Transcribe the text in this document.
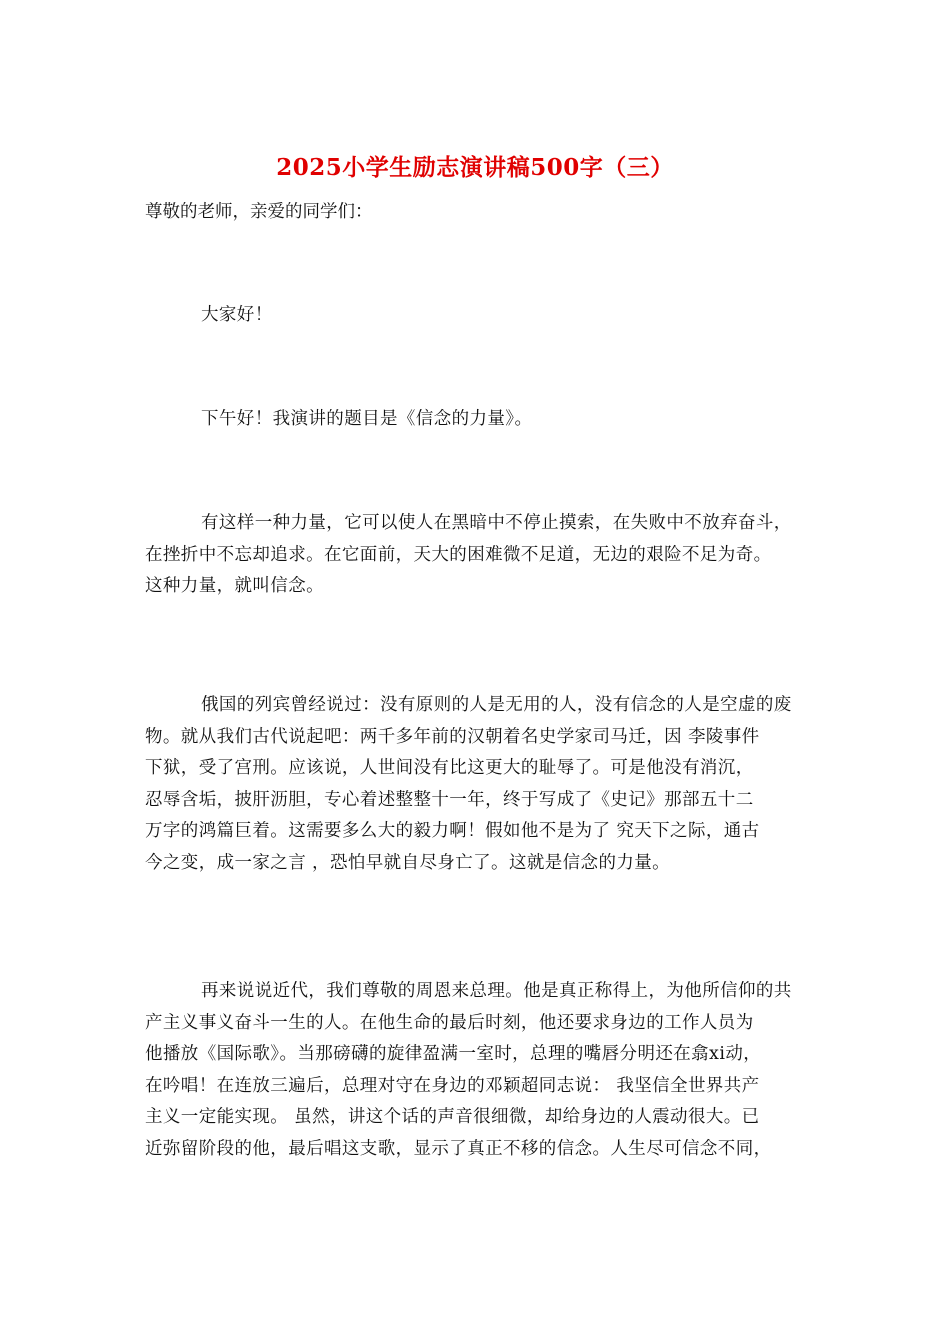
2025小学生励志演讲稿500字（三）
尊敬的老师，亲爱的同学们：
大家好！
下午好！我演讲的题目是《信念的力量》。
有这样一种力量，它可以使人在黑暗中不停止摸索，在失败中不放弃奋斗，
在挫折中不忘却追求。在它面前，天大的困难微不足道，无边的艰险不足为奇。
这种力量，就叫信念。
俄国的列宾曾经说过：没有原则的人是无用的人，没有信念的人是空虚的废
物。就从我们古代说起吧：两千多年前的汉朝着名史学家司马迁，因 李陵事件
下狱，受了宫刑。应该说，人世间没有比这更大的耻辱了。可是他没有消沉，
忍辱含垢，披肝沥胆，专心着述整整十一年，终于写成了《史记》那部五十二
万字的鸿篇巨着。这需要多么大的毅力啊！假如他不是为了 究天下之际，通古
今之变，成一家之言 ，恐怕早就自尽身亡了。这就是信念的力量。
再来说说近代，我们尊敬的周恩来总理。他是真正称得上，为他所信仰的共
产主义事义奋斗一生的人。在他生命的最后时刻，他还要求身边的工作人员为
他播放《国际歌》。当那磅礴的旋律盈满一室时，总理的嘴唇分明还在翕xi动，
在吟唱！在连放三遍后，总理对守在身边的邓颖超同志说： 我坚信全世界共产
主义一定能实现。 虽然，讲这个话的声音很细微，却给身边的人震动很大。已
近弥留阶段的他，最后唱这支歌，显示了真正不移的信念。人生尽可信念不同，
